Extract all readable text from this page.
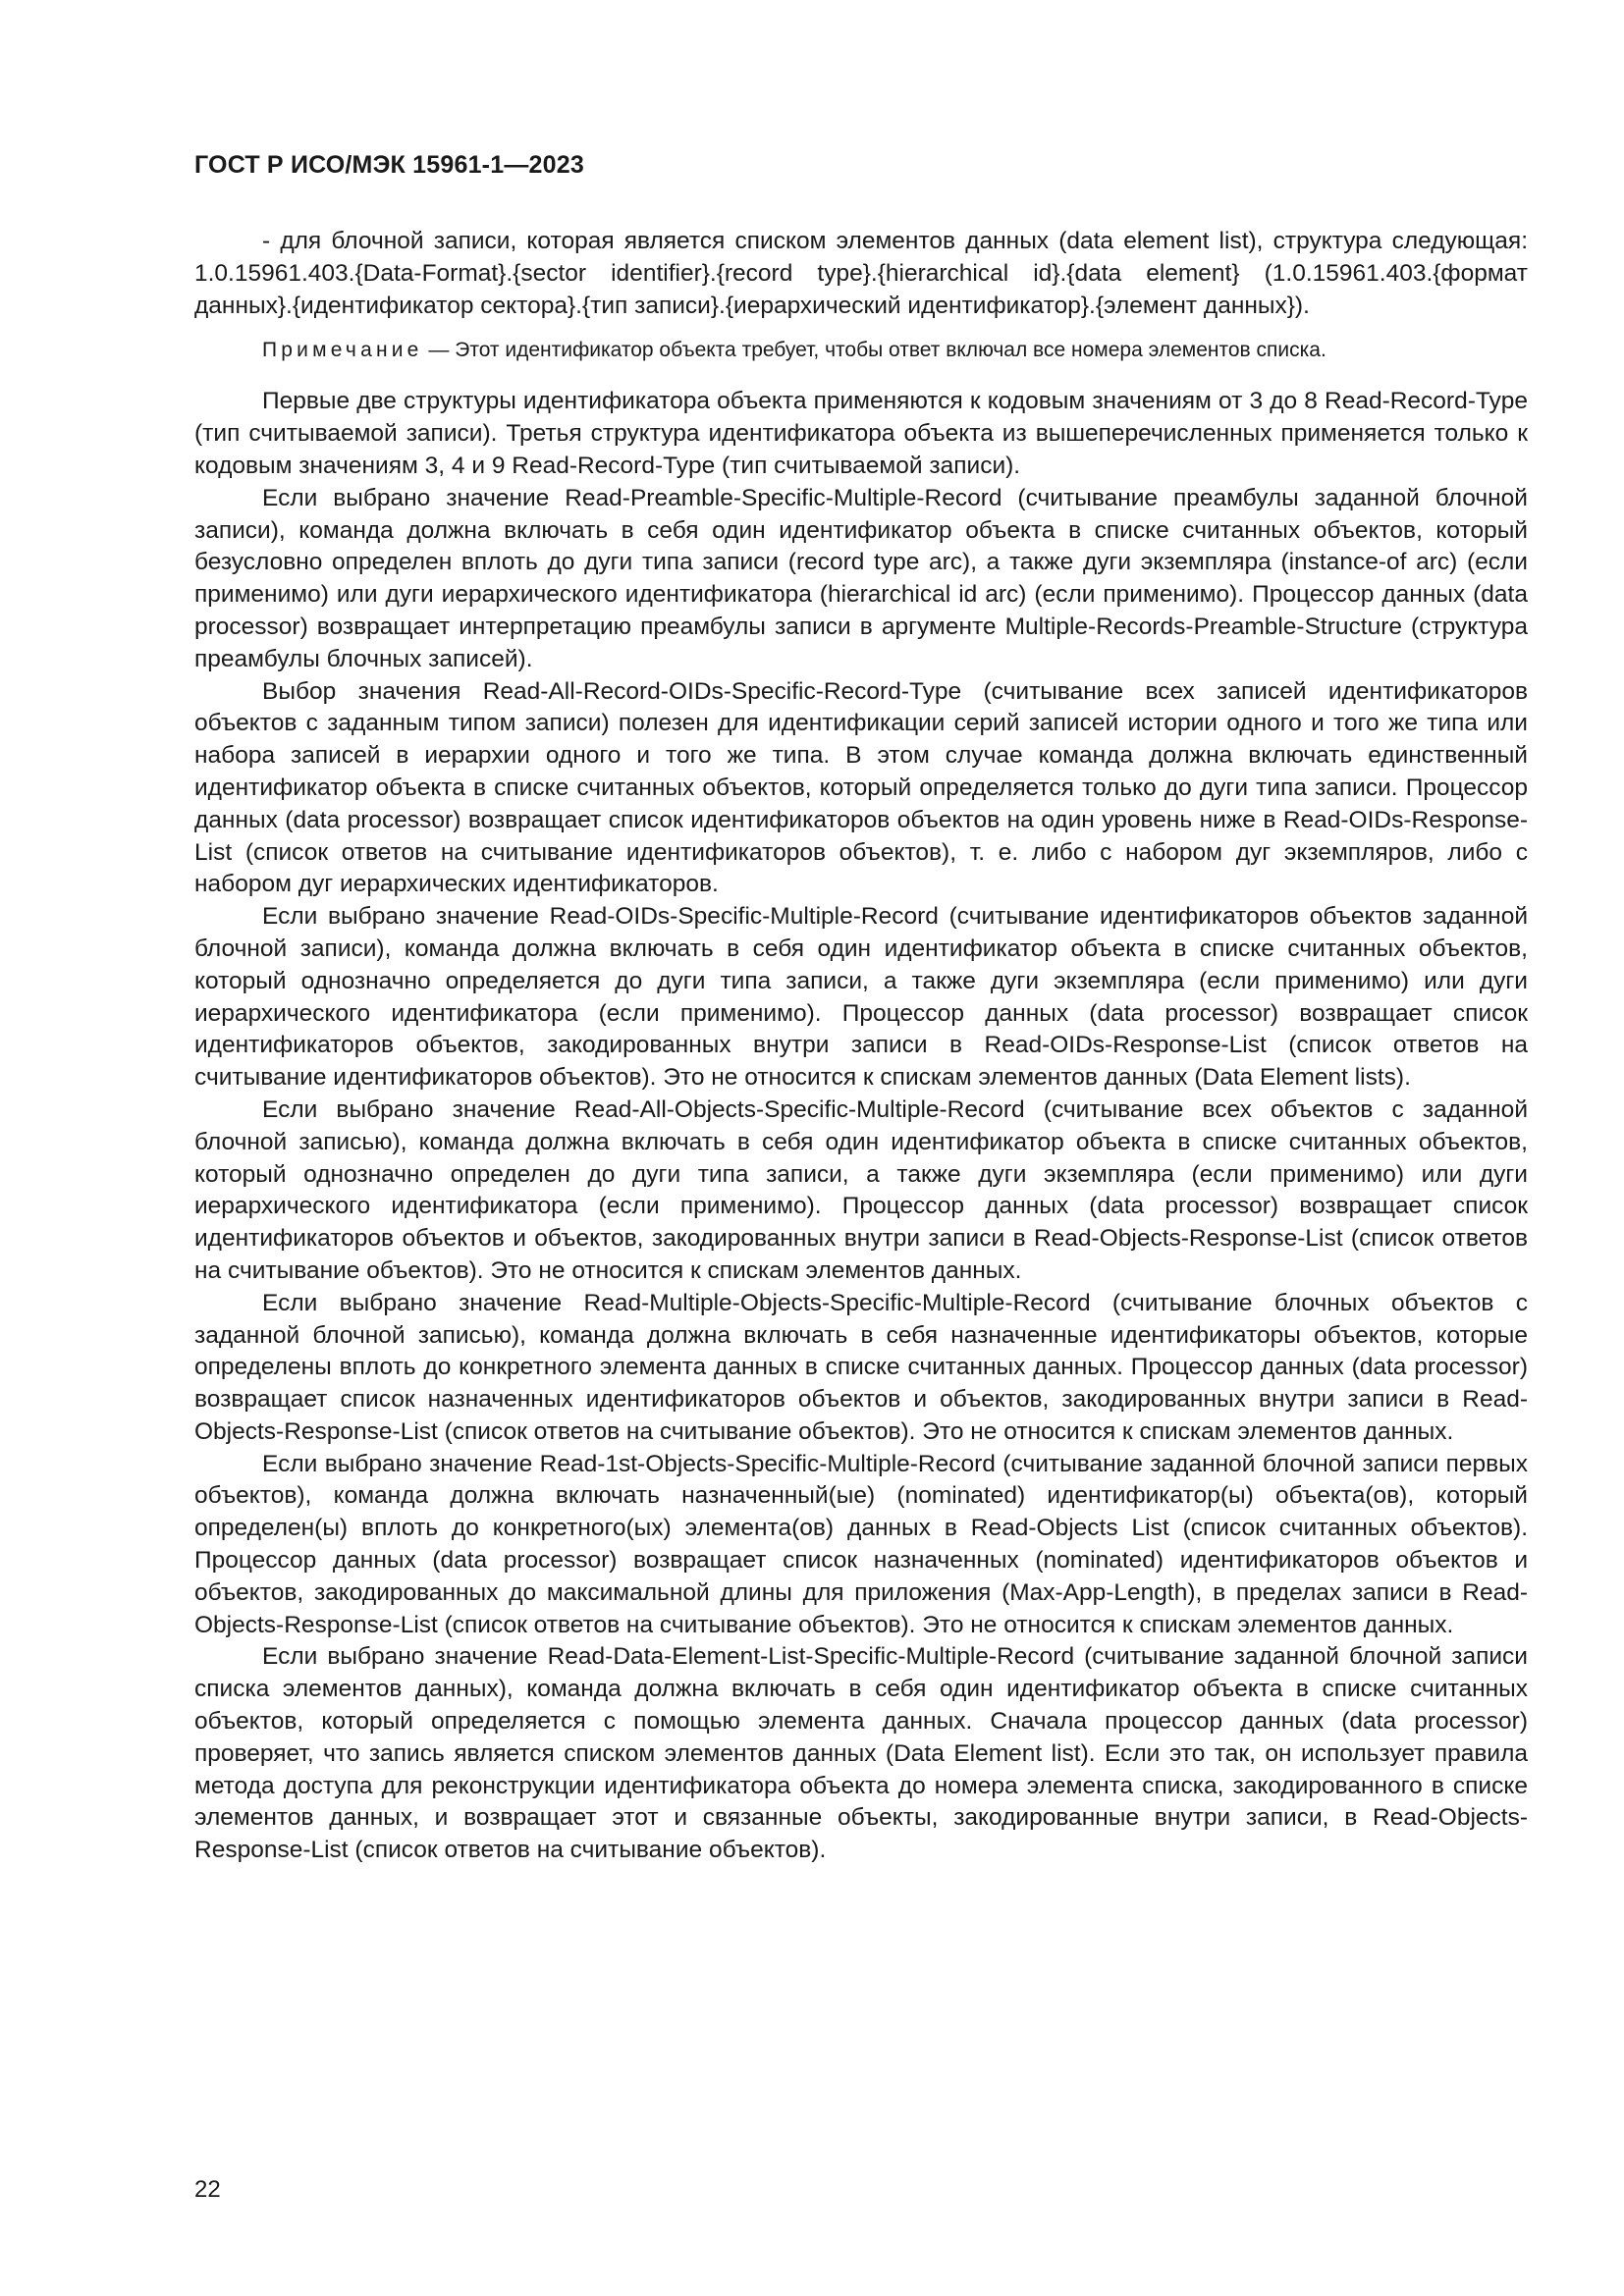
ГОСТ Р ИСО/МЭК 15961-1—2023

- для блочной записи, которая является списком элементов данных (data element list), структура следующая: 1.0.15961.403.{Data-Format}.{sector identifier}.{record type}.{hierarchical id}.{data element} (1.0.15961.403.{формат данных}.{идентификатор сектора}.{тип записи}.{иерархический идентификатор}.{элемент данных}).

Примечание — Этот идентификатор объекта требует, чтобы ответ включал все номера элементов списка.

Первые две структуры идентификатора объекта применяются к кодовым значениям от 3 до 8 Read-Record-Type (тип считываемой записи). Третья структура идентификатора объекта из вышеперечисленных применяется только к кодовым значениям 3, 4 и 9 Read-Record-Type (тип считываемой записи).

Если выбрано значение Read-Preamble-Specific-Multiple-Record (считывание преамбулы заданной блочной записи), команда должна включать в себя один идентификатор объекта в списке считанных объектов, который безусловно определен вплоть до дуги типа записи (record type arc), а также дуги экземпляра (instance-of arc) (если применимо) или дуги иерархического идентификатора (hierarchical id arc) (если применимо). Процессор данных (data processor) возвращает интерпретацию преамбулы записи в аргументе Multiple-Records-Preamble-Structure (структура преамбулы блочных записей).

Выбор значения Read-All-Record-OIDs-Specific-Record-Type (считывание всех записей идентификаторов объектов с заданным типом записи) полезен для идентификации серий записей истории одного и того же типа или набора записей в иерархии одного и того же типа. В этом случае команда должна включать единственный идентификатор объекта в списке считанных объектов, который определяется только до дуги типа записи. Процессор данных (data processor) возвращает список идентификаторов объектов на один уровень ниже в Read-OIDs-Response-List (список ответов на считывание идентификаторов объектов), т. е. либо с набором дуг экземпляров, либо с набором дуг иерархических идентификаторов.

Если выбрано значение Read-OIDs-Specific-Multiple-Record (считывание идентификаторов объектов заданной блочной записи), команда должна включать в себя один идентификатор объекта в списке считанных объектов, который однозначно определяется до дуги типа записи, а также дуги экземпляра (если применимо) или дуги иерархического идентификатора (если применимо). Процессор данных (data processor) возвращает список идентификаторов объектов, закодированных внутри записи в Read-OIDs-Response-List (список ответов на считывание идентификаторов объектов). Это не относится к спискам элементов данных (Data Element lists).

Если выбрано значение Read-All-Objects-Specific-Multiple-Record (считывание всех объектов с заданной блочной записью), команда должна включать в себя один идентификатор объекта в списке считанных объектов, который однозначно определен до дуги типа записи, а также дуги экземпляра (если применимо) или дуги иерархического идентификатора (если применимо). Процессор данных (data processor) возвращает список идентификаторов объектов и объектов, закодированных внутри записи в Read-Objects-Response-List (список ответов на считывание объектов). Это не относится к спискам элементов данных.

Если выбрано значение Read-Multiple-Objects-Specific-Multiple-Record (считывание блочных объектов с заданной блочной записью), команда должна включать в себя назначенные идентификаторы объектов, которые определены вплоть до конкретного элемента данных в списке считанных данных. Процессор данных (data processor) возвращает список назначенных идентификаторов объектов и объектов, закодированных внутри записи в Read-Objects-Response-List (список ответов на считывание объектов). Это не относится к спискам элементов данных.

Если выбрано значение Read-1st-Objects-Specific-Multiple-Record (считывание заданной блочной записи первых объектов), команда должна включать назначенный(ые) (nominated) идентификатор(ы) объекта(ов), который определен(ы) вплоть до конкретного(ых) элемента(ов) данных в Read-Objects List (список считанных объектов). Процессор данных (data processor) возвращает список назначенных (nominated) идентификаторов объектов и объектов, закодированных до максимальной длины для приложения (Max-App-Length), в пределах записи в Read-Objects-Response-List (список ответов на считывание объектов). Это не относится к спискам элементов данных.

Если выбрано значение Read-Data-Element-List-Specific-Multiple-Record (считывание заданной блочной записи списка элементов данных), команда должна включать в себя один идентификатор объекта в списке считанных объектов, который определяется с помощью элемента данных. Сначала процессор данных (data processor) проверяет, что запись является списком элементов данных (Data Element list). Если это так, он использует правила метода доступа для реконструкции идентификатора объекта до номера элемента списка, закодированного в списке элементов данных, и возвращает этот и связанные объекты, закодированные внутри записи, в Read-Objects-Response-List (список ответов на считывание объектов).

22
